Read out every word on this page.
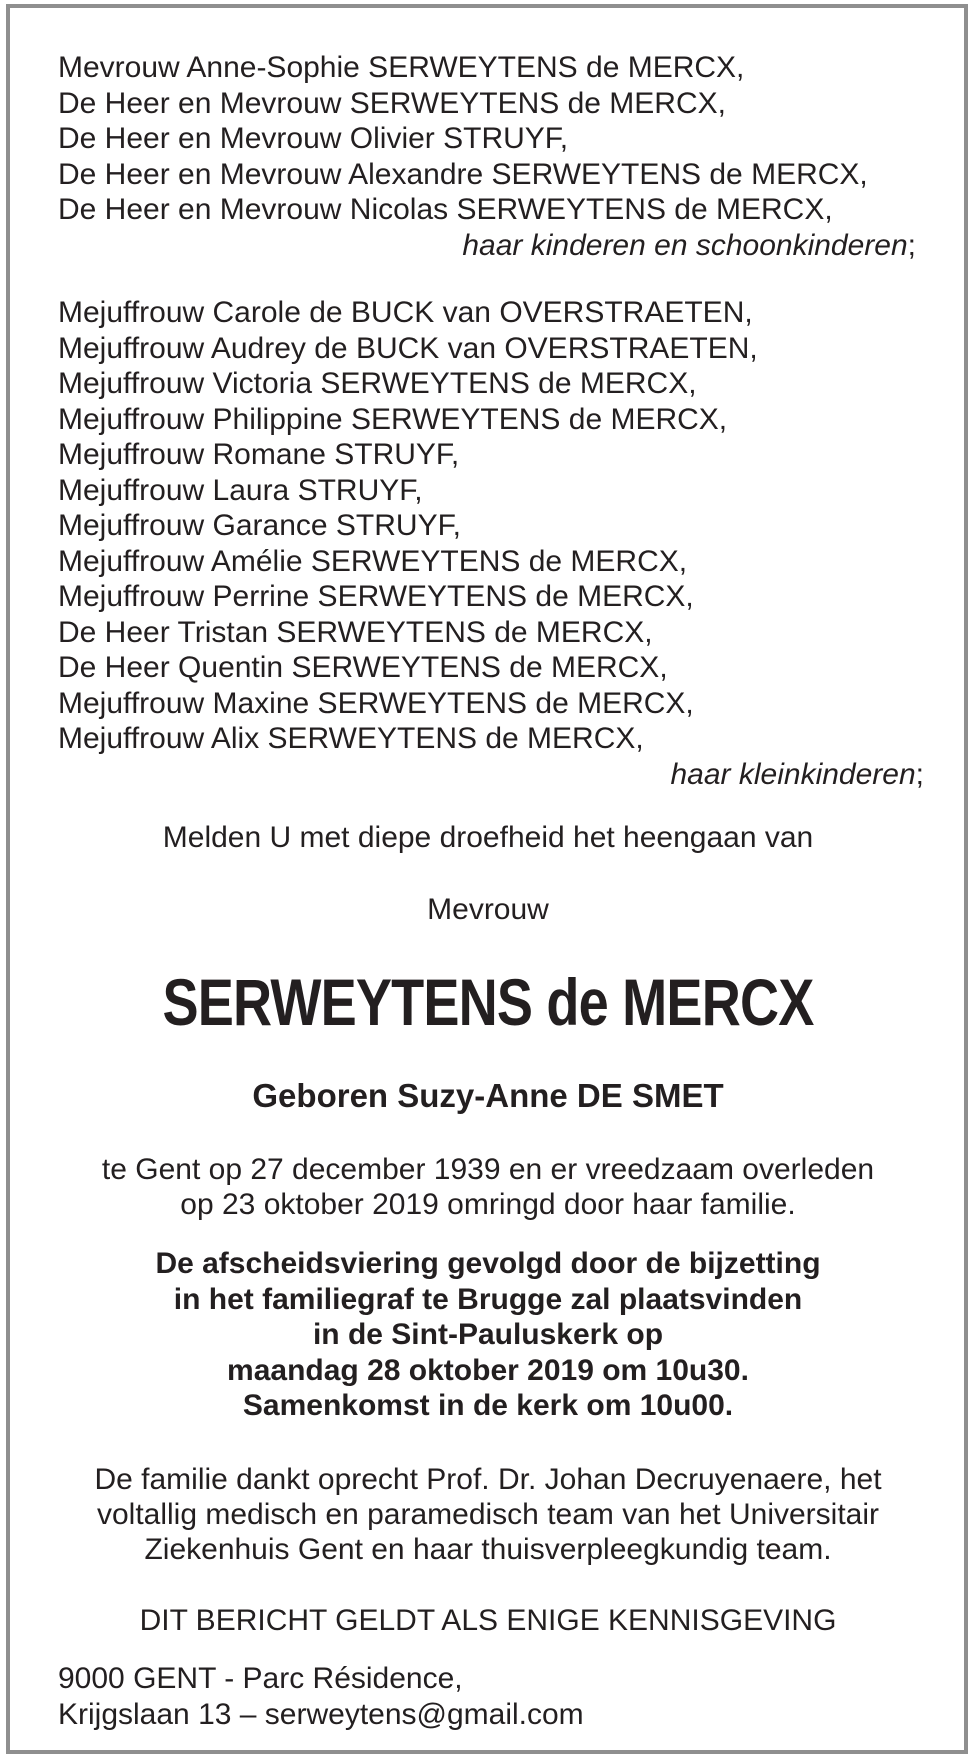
Mevrouw Anne-Sophie SERWEYTENS de MERCX,
De Heer en Mevrouw SERWEYTENS de MERCX,
De Heer en Mevrouw Olivier STRUYF,
De Heer en Mevrouw Alexandre SERWEYTENS de MERCX,
De Heer en Mevrouw Nicolas SERWEYTENS de MERCX,
haar kinderen en schoonkinderen;
Mejuffrouw Carole de BUCK van OVERSTRAETEN,
Mejuffrouw Audrey de BUCK van OVERSTRAETEN,
Mejuffrouw Victoria SERWEYTENS de MERCX,
Mejuffrouw Philippine SERWEYTENS de MERCX,
Mejuffrouw Romane STRUYF,
Mejuffrouw Laura STRUYF,
Mejuffrouw Garance STRUYF,
Mejuffrouw Amélie SERWEYTENS de MERCX,
Mejuffrouw Perrine SERWEYTENS de MERCX,
De Heer Tristan SERWEYTENS de MERCX,
De Heer Quentin SERWEYTENS de MERCX,
Mejuffrouw Maxine SERWEYTENS de MERCX,
Mejuffrouw Alix SERWEYTENS de MERCX,
haar kleinkinderen;
Melden U met diepe droefheid het heengaan van
Mevrouw
SERWEYTENS de MERCX
Geboren Suzy-Anne DE SMET
te Gent op 27 december 1939 en er vreedzaam overleden
op 23 oktober 2019 omringd door haar familie.
De afscheidsviering gevolgd door de bijzetting
in het familiegraf te Brugge zal plaatsvinden
in de Sint-Pauluskerk op
maandag 28 oktober 2019 om 10u30.
Samenkomst in de kerk om 10u00.
De familie dankt oprecht Prof. Dr. Johan Decruyenaere, het
voltallig medisch en paramedisch team van het Universitair
Ziekenhuis Gent en haar thuisverpleegkundig team.
DIT BERICHT GELDT ALS ENIGE KENNISGEVING
9000 GENT - Parc Résidence,
Krijgslaan 13 – serweytens@gmail.com
